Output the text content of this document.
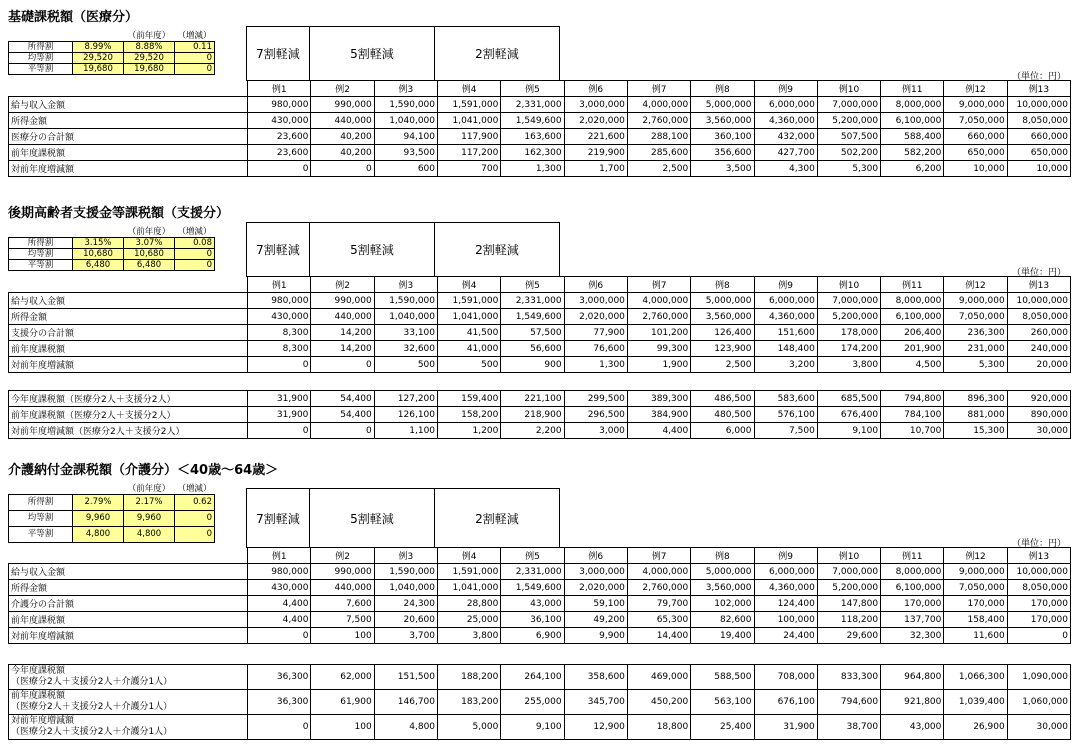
基礎課税額（医療分）
		（前年度）	（増減）
所得割	8.99%	8.88%	0.11
均等割	29,520	29,520	0
平等割	19,680	19,680	0
7割軽減	5割軽減	2割軽減
（単位：円）
	例1	例2	例3	例4	例5	例6	例7	例8	例9	例10	例11	例12	例13
給与収入金額	980,000	990,000	1,590,000	1,591,000	2,331,000	3,000,000	4,000,000	5,000,000	6,000,000	7,000,000	8,000,000	9,000,000	10,000,000
所得金額	430,000	440,000	1,040,000	1,041,000	1,549,600	2,020,000	2,760,000	3,560,000	4,360,000	5,200,000	6,100,000	7,050,000	8,050,000
医療分の合計額	23,600	40,200	94,100	117,900	163,600	221,600	288,100	360,100	432,000	507,500	588,400	660,000	660,000
前年度課税額	23,600	40,200	93,500	117,200	162,300	219,900	285,600	356,600	427,700	502,200	582,200	650,000	650,000
対前年度増減額	0	0	600	700	1,300	1,700	2,500	3,500	4,300	5,300	6,200	10,000	10,000
後期高齢者支援金等課税額（支援分）
		（前年度）	（増減）
所得割	3.15%	3.07%	0.08
均等割	10,680	10,680	0
平等割	6,480	6,480	0
7割軽減	5割軽減	2割軽減
（単位：円）
	例1	例2	例3	例4	例5	例6	例7	例8	例9	例10	例11	例12	例13
給与収入金額	980,000	990,000	1,590,000	1,591,000	2,331,000	3,000,000	4,000,000	5,000,000	6,000,000	7,000,000	8,000,000	9,000,000	10,000,000
所得金額	430,000	440,000	1,040,000	1,041,000	1,549,600	2,020,000	2,760,000	3,560,000	4,360,000	5,200,000	6,100,000	7,050,000	8,050,000
支援分の合計額	8,300	14,200	33,100	41,500	57,500	77,900	101,200	126,400	151,600	178,000	206,400	236,300	260,000
前年度課税額	8,300	14,200	32,600	41,000	56,600	76,600	99,300	123,900	148,400	174,200	201,900	231,000	240,000
対前年度増減額	0	0	500	500	900	1,300	1,900	2,500	3,200	3,800	4,500	5,300	20,000
今年度課税額（医療分2人＋支援分2人）	31,900	54,400	127,200	159,400	221,100	299,500	389,300	486,500	583,600	685,500	794,800	896,300	920,000
前年度課税額（医療分2人＋支援分2人）	31,900	54,400	126,100	158,200	218,900	296,500	384,900	480,500	576,100	676,400	784,100	881,000	890,000
対前年度増減額（医療分2人＋支援分2人）	0	0	1,100	1,200	2,200	3,000	4,400	6,000	7,500	9,100	10,700	15,300	30,000
介護納付金課税額（介護分）＜40歳～64歳＞
		（前年度）	（増減）
所得割	2.79%	2.17%	0.62
均等割	9,960	9,960	0
平等割	4,800	4,800	0
7割軽減	5割軽減	2割軽減
（単位：円）
	例1	例2	例3	例4	例5	例6	例7	例8	例9	例10	例11	例12	例13
給与収入金額	980,000	990,000	1,590,000	1,591,000	2,331,000	3,000,000	4,000,000	5,000,000	6,000,000	7,000,000	8,000,000	9,000,000	10,000,000
所得金額	430,000	440,000	1,040,000	1,041,000	1,549,600	2,020,000	2,760,000	3,560,000	4,360,000	5,200,000	6,100,000	7,050,000	8,050,000
介護分の合計額	4,400	7,600	24,300	28,800	43,000	59,100	79,700	102,000	124,400	147,800	170,000	170,000	170,000
前年度課税額	4,400	7,500	20,600	25,000	36,100	49,200	65,300	82,600	100,000	118,200	137,700	158,400	170,000
対前年度増減額	0	100	3,700	3,800	6,900	9,900	14,400	19,400	24,400	29,600	32,300	11,600	0
今年度課税額
（医療分2人＋支援分2人＋介護分1人）	36,300	62,000	151,500	188,200	264,100	358,600	469,000	588,500	708,000	833,300	964,800	1,066,300	1,090,000

前年度課税額
（医療分2人＋支援分2人＋介護分1人）	36,300	61,900	146,700	183,200	255,000	345,700	450,200	563,100	676,100	794,600	921,800	1,039,400	1,060,000

対前年度増減額
（医療分2人＋支援分2人＋介護分1人）	0	100	4,800	5,000	9,100	12,900	18,800	25,400	31,900	38,700	43,000	26,900	30,000
